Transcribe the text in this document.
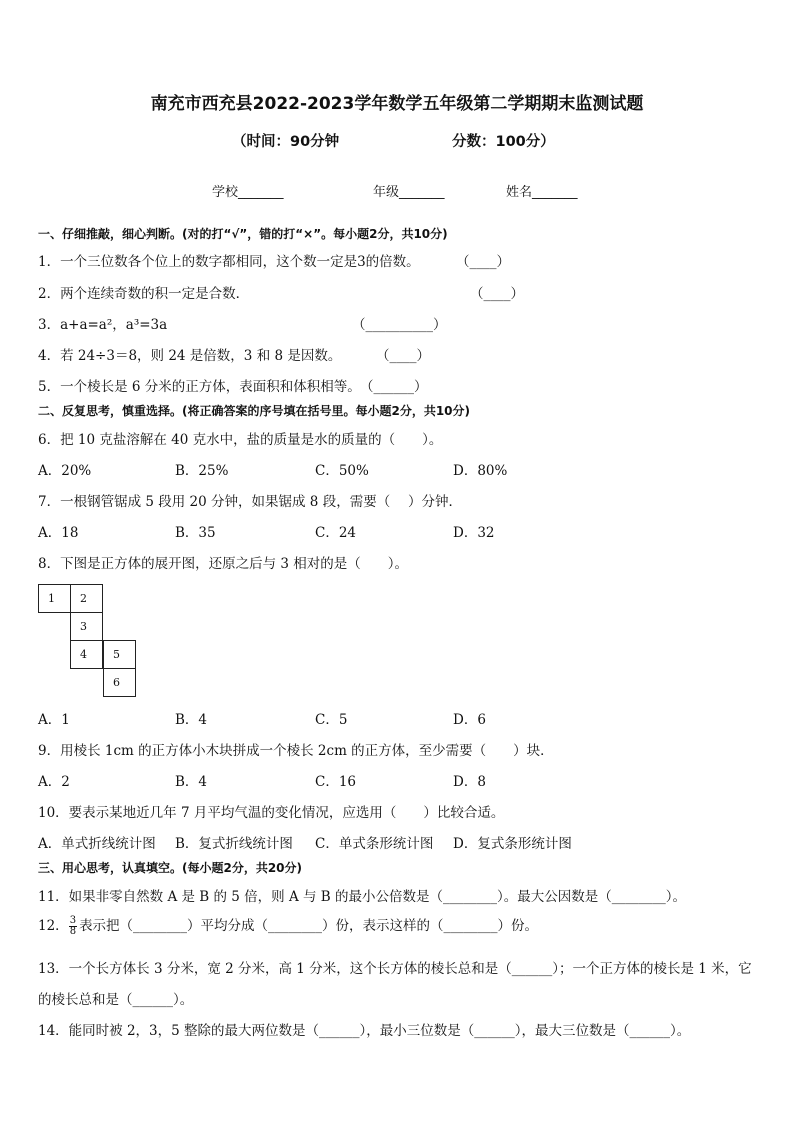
南充市西充县2022-2023学年数学五年级第二学期期末监测试题
（时间：90分钟	分数：100分）
学校_______	年级_______	姓名_______
一、仔细推敲，细心判断。(对的打“√”，错的打“×”。每小题2分，共10分)
1．一个三位数各个位上的数字都相同，这个数一定是3的倍数。	（____）
2．两个连续奇数的积一定是合数．	（____）
3．a+a=a²，a³=3a	（__________）
4．若 24÷3＝8，则 24 是倍数，3 和 8 是因数。	（____）
5．一个棱长是 6 分米的正方体，表面积和体积相等。 （______）
二、反复思考，慎重选择。(将正确答案的序号填在括号里。每小题2分，共10分)
6．把 10 克盐溶解在 40 克水中，盐的质量是水的质量的（　　）。
A．20%	B．25%	C．50%	D．80%
7．一根钢管锯成 5 段用 20 分钟，如果锯成 8 段，需要（　 ）分钟．
A．18	B．35	C．24	D．32
8．下图是正方体的展开图，还原之后与 3 相对的是（　　）。
1 2
3
4 5
6
A．1	B．4	C．5	D．6
9．用棱长 1cm 的正方体小木块拼成一个棱长 2cm 的正方体，至少需要（　　）块．
A．2	B．4	C．16	D．8
10．要表示某地近几年 7 月平均气温的变化情况，应选用（　　）比较合适。
A．单式折线统计图 B．复式折线统计图 C．单式条形统计图 D．复式条形统计图
三、用心思考，认真填空。(每小题2分，共20分)
11．如果非零自然数 A 是 B 的 5 倍，则 A 与 B 的最小公倍数是（________）。最大公因数是（________）。
12． $\frac{3}{8}$ 表示把（________）平均分成（________）份，表示这样的（________）份。
13．一个长方体长 3 分米，宽 2 分米，高 1 分米，这个长方体的棱长总和是（______）；一个正方体的棱长是 1 米，它
的棱长总和是（______）。
14．能同时被 2，3，5 整除的最大两位数是（______），最小三位数是（______），最大三位数是（______）。
